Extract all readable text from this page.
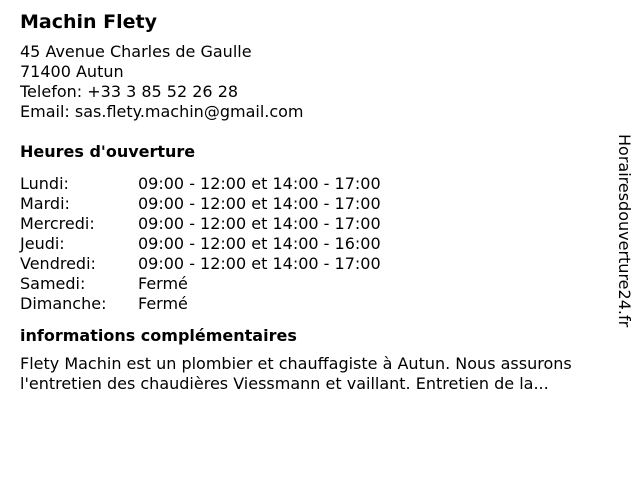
Machin Flety
45 Avenue Charles de Gaulle
71400 Autun
Telefon: +33 3 85 52 26 28
Email: sas.flety.machin@gmail.com
Heures d'ouverture
Lundi:	09:00 - 12:00 et 14:00 - 17:00
Mardi:	09:00 - 12:00 et 14:00 - 17:00
Mercredi:	09:00 - 12:00 et 14:00 - 17:00
Jeudi:	09:00 - 12:00 et 14:00 - 16:00
Vendredi:	09:00 - 12:00 et 14:00 - 17:00
Samedi:	Fermé
Dimanche:	Fermé
informations complémentaires
Flety Machin est un plombier et chauffagiste à Autun. Nous assurons
l'entretien des chaudières Viessmann et vaillant. Entretien de la...
Horairesdouverture24.fr
